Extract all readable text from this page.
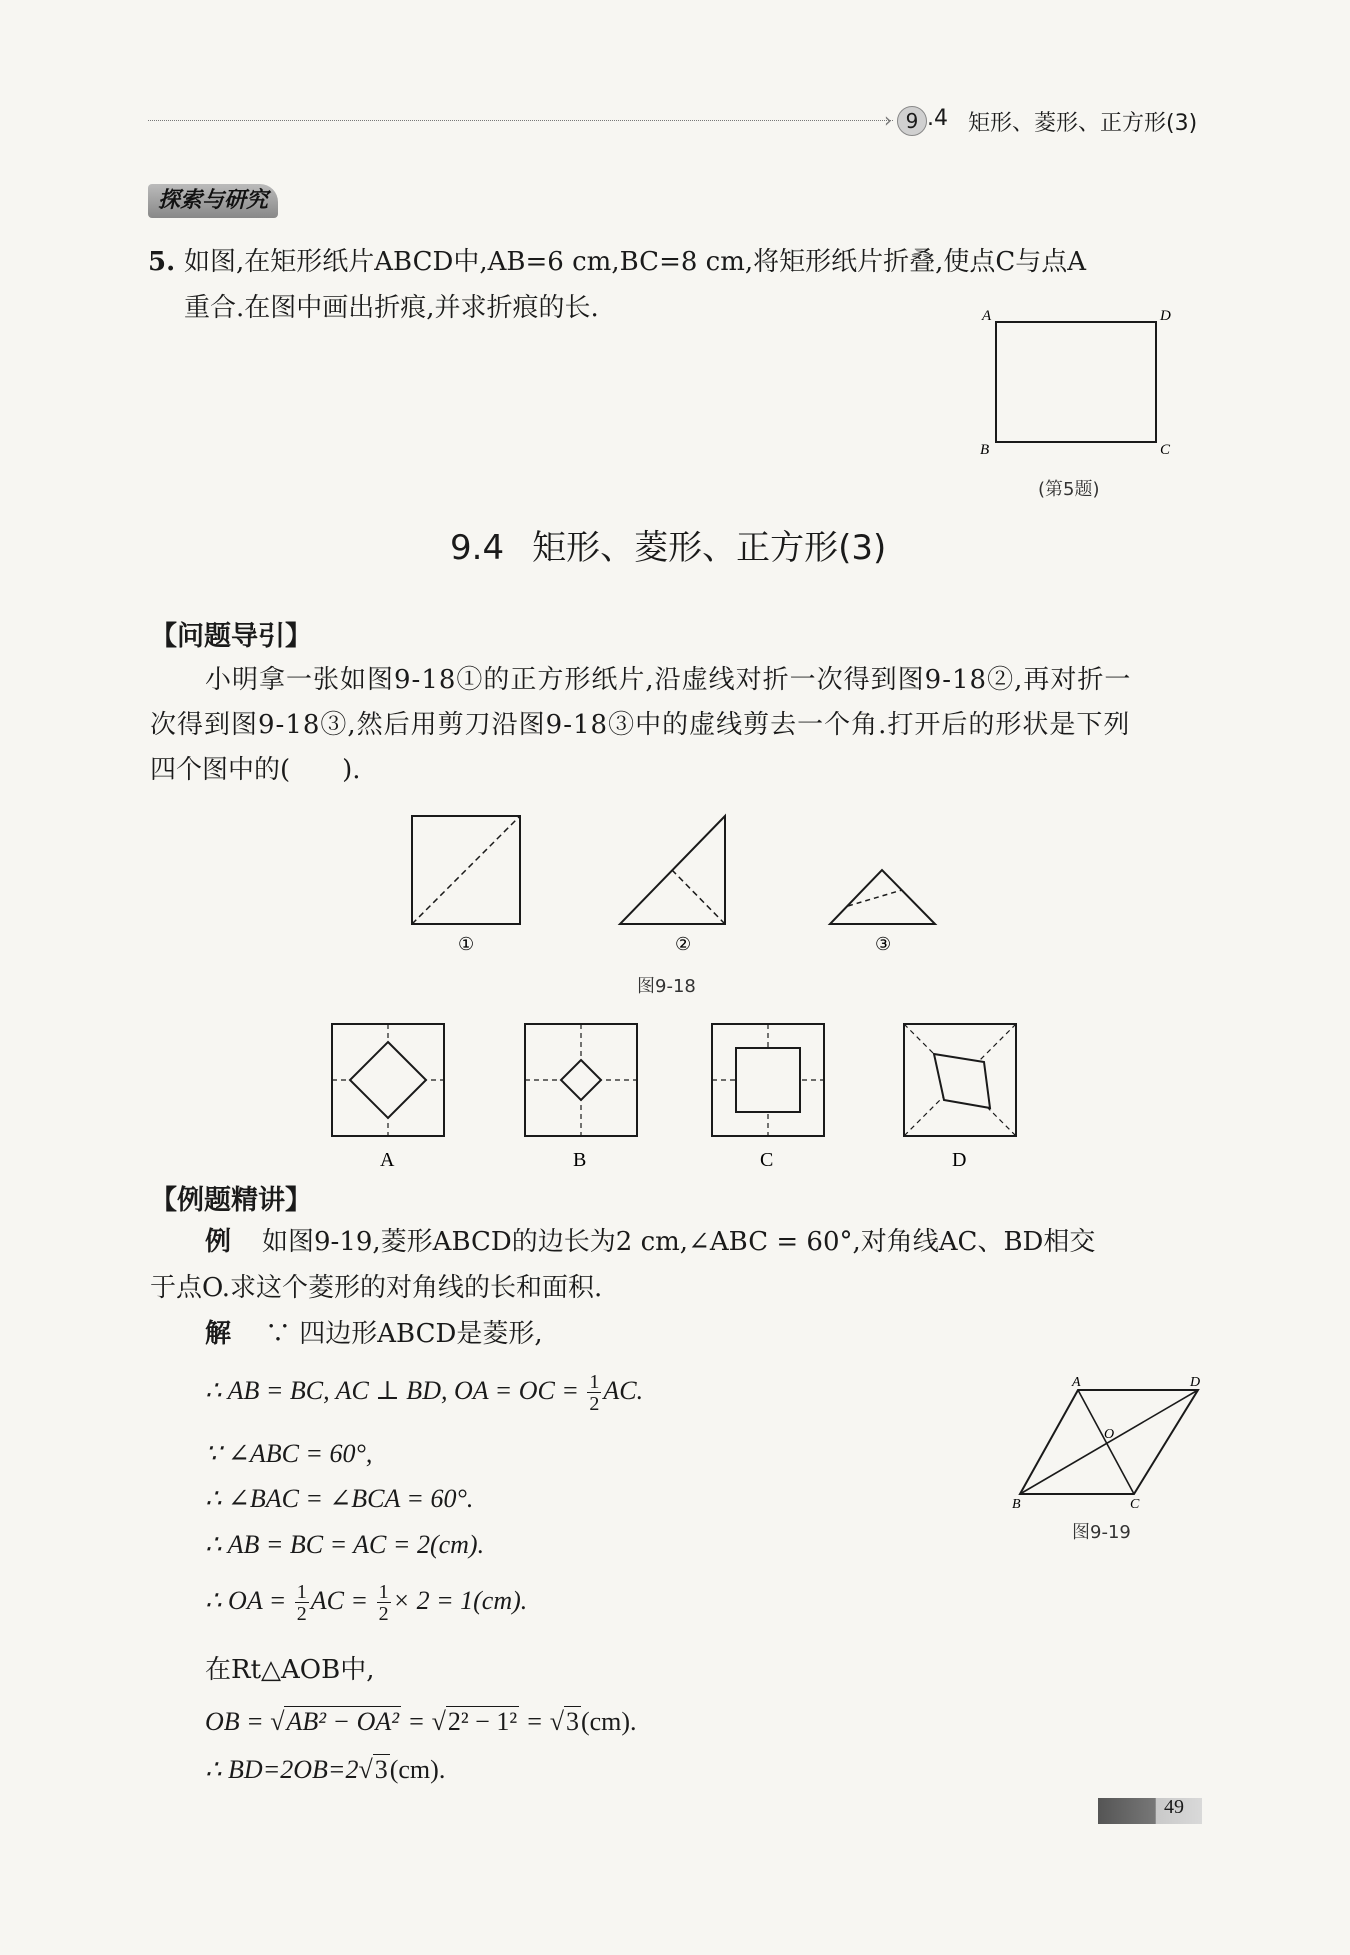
› 9 .4 矩形、菱形、正方形(3)
探索与研究
5. 如图,在矩形纸片ABCD中,AB=6 cm,BC=8 cm,将矩形纸片折叠,使点C与点A
重合.在图中画出折痕,并求折痕的长.	A	D
B	C
(第5题)
9.4 矩形、菱形、正方形(3)
【问题导引】
小明拿一张如图9-18①的正方形纸片,沿虚线对折一次得到图9-18②,再对折一
次得到图9-18③,然后用剪刀沿图9-18③中的虚线剪去一个角.打开后的形状是下列
四个图中的(　　).
①	②	③
图9-18
A	B	C	D
【例题精讲】
例 如图9-19,菱形ABCD的边长为2 cm,∠ABC = 60°,对角线AC、BD相交
于点O.求这个菱形的对角线的长和面积.
解 ∵ 四边形ABCD是菱形,
∴ AB = BC, AC ⊥ BD, OA = OC = $\frac{1}{2}$ AC.
∵ ∠ABC = 60°,
∴ ∠BAC = ∠BCA = 60°.
∴ AB = BC = AC = 2(cm).
∴ OA = $\frac{1}{2}$ AC = $\frac{1}{2} \times 2 = 1(cm)$.
在Rt△AOB中,
OB = √AB² − OA² = √2² − 1² = √3(cm).
∴ BD=2OB=2√3(cm).
A	D
B	C
O
图9-19
49
